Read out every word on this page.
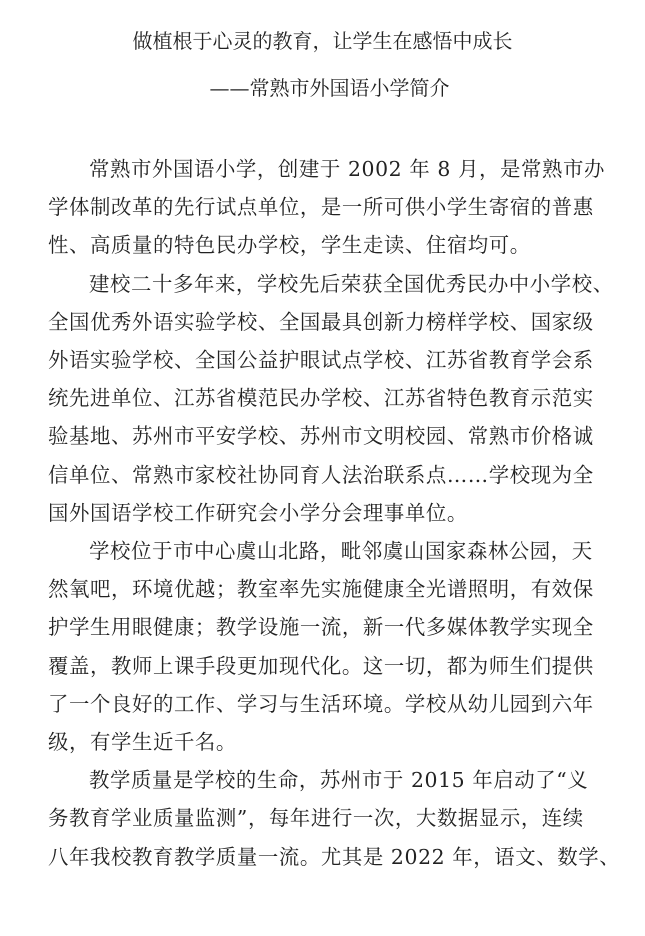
做植根于心灵的教育，让学生在感悟中成长
——常熟市外国语小学简介

常熟市外国语小学，创建于 2002 年 8 月，是常熟市办
学体制改革的先行试点单位，是一所可供小学生寄宿的普惠
性、高质量的特色民办学校，学生走读、住宿均可。

建校二十多年来，学校先后荣获全国优秀民办中小学校、
全国优秀外语实验学校、全国最具创新力榜样学校、国家级
外语实验学校、全国公益护眼试点学校、江苏省教育学会系
统先进单位、江苏省模范民办学校、江苏省特色教育示范实
验基地、苏州市平安学校、苏州市文明校园、常熟市价格诚
信单位、常熟市家校社协同育人法治联系点……学校现为全
国外国语学校工作研究会小学分会理事单位。

学校位于市中心虞山北路，毗邻虞山国家森林公园，天
然氧吧，环境优越；教室率先实施健康全光谱照明，有效保
护学生用眼健康；教学设施一流，新一代多媒体教学实现全
覆盖，教师上课手段更加现代化。这一切，都为师生们提供
了一个良好的工作、学习与生活环境。学校从幼儿园到六年
级，有学生近千名。

教学质量是学校的生命，苏州市于 2015 年启动了“义
务教育学业质量监测”，每年进行一次，大数据显示，连续
八年我校教育教学质量一流。尤其是 2022 年，语文、数学、
